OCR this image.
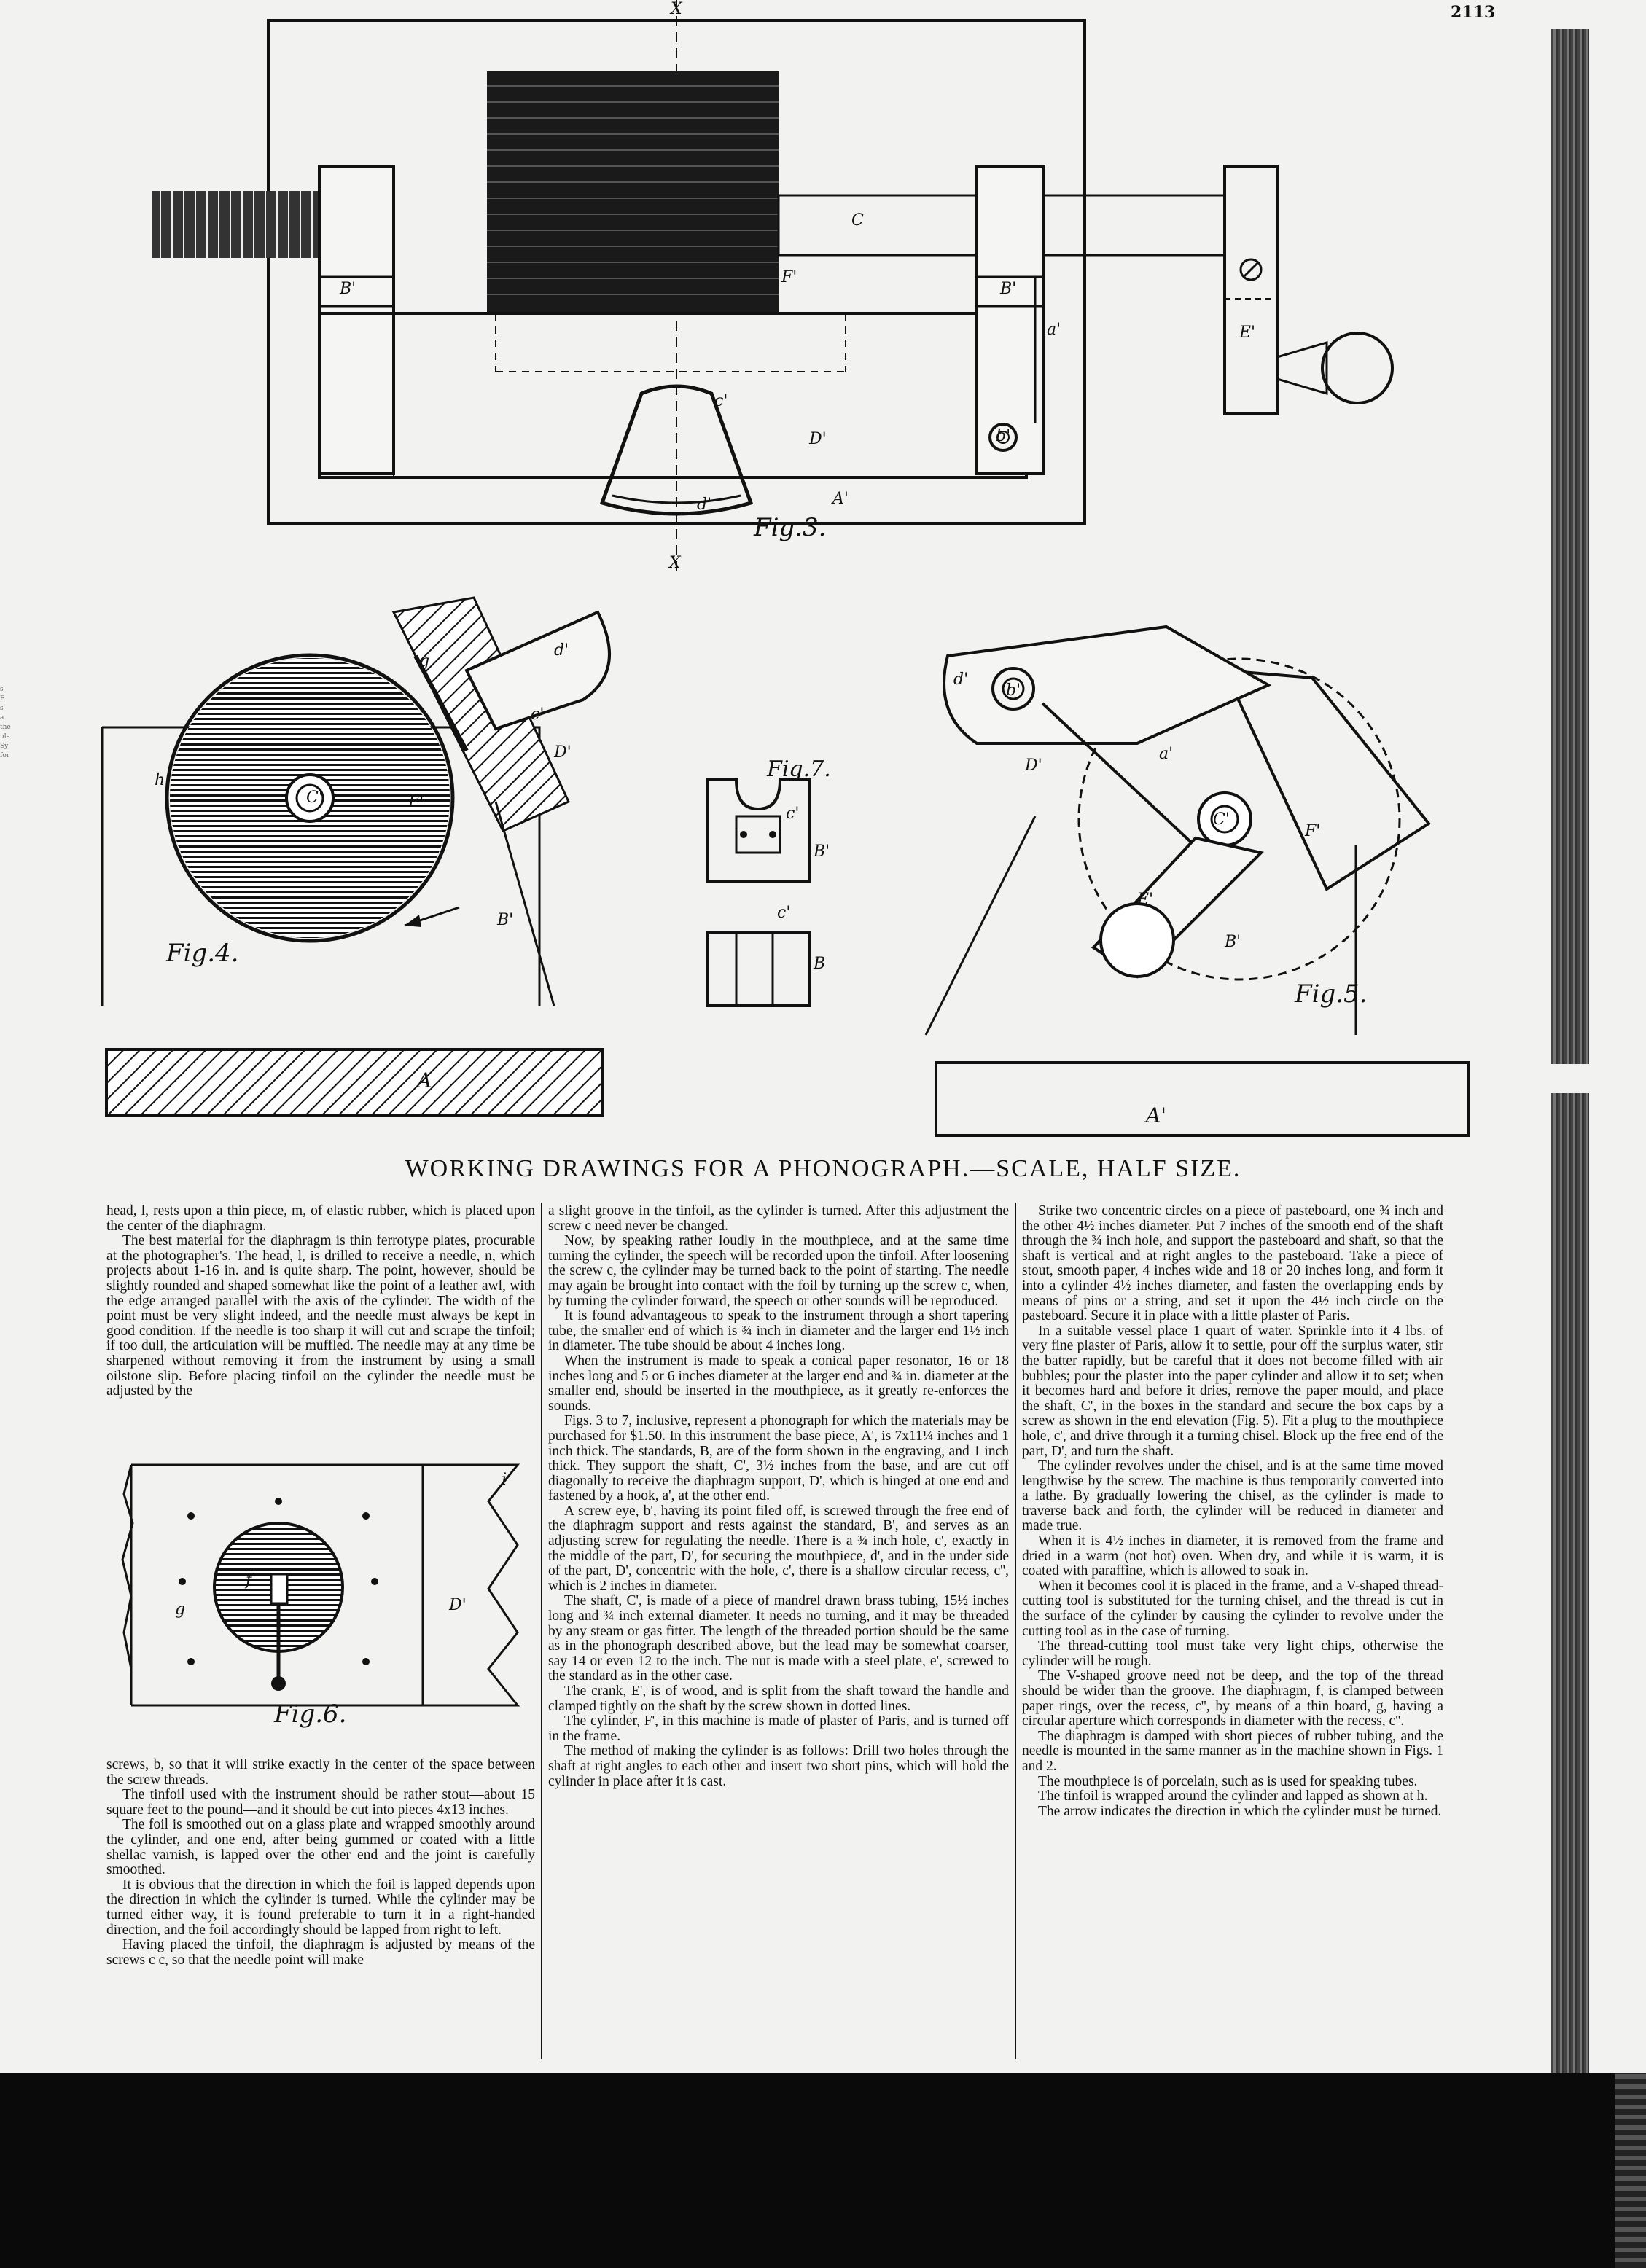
2113
X
X
C
F'
B'	B'
a'	E'
c'
b'
D'
A'
d'
Fig.3.
d'
g
c'
D'
h
C'	F'
B'
Fig.4.
Fig.7.
c'
B'
c'
B
d'
b'
D'
a'
C'
F'
E'
B'
Fig.5.
A
A'
WORKING DRAWINGS FOR A PHONOGRAPH.—SCALE, HALF SIZE.

head, l, rests upon a thin piece, m, of elastic rubber, which is placed upon the center of the diaphragm.

The best material for the diaphragm is thin ferrotype plates, procurable at the photographer's. The head, l, is drilled to receive a needle, n, which projects about 1-16 in. and is quite sharp. The point, however, should be slightly rounded and shaped somewhat like the point of a leather awl, with the edge arranged parallel with the axis of the cylinder. The width of the point must be very slight indeed, and the needle must always be kept in good condition. If the needle is too sharp it will cut and scrape the tinfoil; if too dull, the articulation will be muffled. The needle may at any time be sharpened without removing it from the instrument by using a small oilstone slip. Before placing tinfoil on the cylinder the needle must be adjusted by the

f
g	D'
i
Fig.6.

screws, b, so that it will strike exactly in the center of the space between the screw threads.

The tinfoil used with the instrument should be rather stout—about 15 square feet to the pound—and it should be cut into pieces 4x13 inches.

The foil is smoothed out on a glass plate and wrapped smoothly around the cylinder, and one end, after being gummed or coated with a little shellac varnish, is lapped over the other end and the joint is carefully smoothed.

It is obvious that the direction in which the foil is lapped depends upon the direction in which the cylinder is turned. While the cylinder may be turned either way, it is found preferable to turn it in a right-handed direction, and the foil accordingly should be lapped from right to left.

Having placed the tinfoil, the diaphragm is adjusted by means of the screws c c, so that the needle point will make

a slight groove in the tinfoil, as the cylinder is turned. After this adjustment the screw c need never be changed.

Now, by speaking rather loudly in the mouthpiece, and at the same time turning the cylinder, the speech will be recorded upon the tinfoil. After loosening the screw c, the cylinder may be turned back to the point of starting. The needle may again be brought into contact with the foil by turning up the screw c, when, by turning the cylinder forward, the speech or other sounds will be reproduced.

It is found advantageous to speak to the instrument through a short tapering tube, the smaller end of which is ¾ inch in diameter and the larger end 1½ inch in diameter. The tube should be about 4 inches long.

When the instrument is made to speak a conical paper resonator, 16 or 18 inches long and 5 or 6 inches diameter at the larger end and ¾ in. diameter at the smaller end, should be inserted in the mouthpiece, as it greatly re-enforces the sounds.

Figs. 3 to 7, inclusive, represent a phonograph for which the materials may be purchased for $1.50. In this instrument the base piece, A', is 7x11¼ inches and 1 inch thick. The standards, B, are of the form shown in the engraving, and 1 inch thick. They support the shaft, C', 3½ inches from the base, and are cut off diagonally to receive the diaphragm support, D', which is hinged at one end and fastened by a hook, a', at the other end.

A screw eye, b', having its point filed off, is screwed through the free end of the diaphragm support and rests against the standard, B', and serves as an adjusting screw for regulating the needle. There is a ¾ inch hole, c', exactly in the middle of the part, D', for securing the mouthpiece, d', and in the under side of the part, D', concentric with the hole, c', there is a shallow circular recess, c'', which is 2 inches in diameter.

The shaft, C', is made of a piece of mandrel drawn brass tubing, 15½ inches long and ¾ inch external diameter. It needs no turning, and it may be threaded by any steam or gas fitter. The length of the threaded portion should be the same as in the phonograph described above, but the lead may be somewhat coarser, say 14 or even 12 to the inch. The nut is made with a steel plate, e', screwed to the standard as in the other case.

The crank, E', is of wood, and is split from the shaft toward the handle and clamped tightly on the shaft by the screw shown in dotted lines.

The cylinder, F', in this machine is made of plaster of Paris, and is turned off in the frame.

The method of making the cylinder is as follows: Drill two holes through the shaft at right angles to each other and insert two short pins, which will hold the cylinder in place after it is cast.

Strike two concentric circles on a piece of pasteboard, one ¾ inch and the other 4½ inches diameter. Put 7 inches of the smooth end of the shaft through the ¾ inch hole, and support the pasteboard and shaft, so that the shaft is vertical and at right angles to the pasteboard. Take a piece of stout, smooth paper, 4 inches wide and 18 or 20 inches long, and form it into a cylinder 4½ inches diameter, and fasten the overlapping ends by means of pins or a string, and set it upon the 4½ inch circle on the pasteboard. Secure it in place with a little plaster of Paris.

In a suitable vessel place 1 quart of water. Sprinkle into it 4 lbs. of very fine plaster of Paris, allow it to settle, pour off the surplus water, stir the batter rapidly, but be careful that it does not become filled with air bubbles; pour the plaster into the paper cylinder and allow it to set; when it becomes hard and before it dries, remove the paper mould, and place the shaft, C', in the boxes in the standard and secure the box caps by a screw as shown in the end elevation (Fig. 5). Fit a plug to the mouthpiece hole, c', and drive through it a turning chisel. Block up the free end of the part, D', and turn the shaft.

The cylinder revolves under the chisel, and is at the same time moved lengthwise by the screw. The machine is thus temporarily converted into a lathe. By gradually lowering the chisel, as the cylinder is made to traverse back and forth, the cylinder will be reduced in diameter and made true.

When it is 4½ inches in diameter, it is removed from the frame and dried in a warm (not hot) oven. When dry, and while it is warm, it is coated with paraffine, which is allowed to soak in.

When it becomes cool it is placed in the frame, and a V-shaped thread-cutting tool is substituted for the turning chisel, and the thread is cut in the surface of the cylinder by causing the cylinder to revolve under the cutting tool as in the case of turning.

The thread-cutting tool must take very light chips, otherwise the cylinder will be rough.

The V-shaped groove need not be deep, and the top of the thread should be wider than the groove. The diaphragm, f, is clamped between paper rings, over the recess, c'', by means of a thin board, g, having a circular aperture which corresponds in diameter with the recess, c''.

The diaphragm is damped with short pieces of rubber tubing, and the needle is mounted in the same manner as in the machine shown in Figs. 1 and 2.

The mouthpiece is of porcelain, such as is used for speaking tubes.

The tinfoil is wrapped around the cylinder and lapped as shown at h.

The arrow indicates the direction in which the cylinder must be turned.

s
E
s
a
the
ula
Sy
for
